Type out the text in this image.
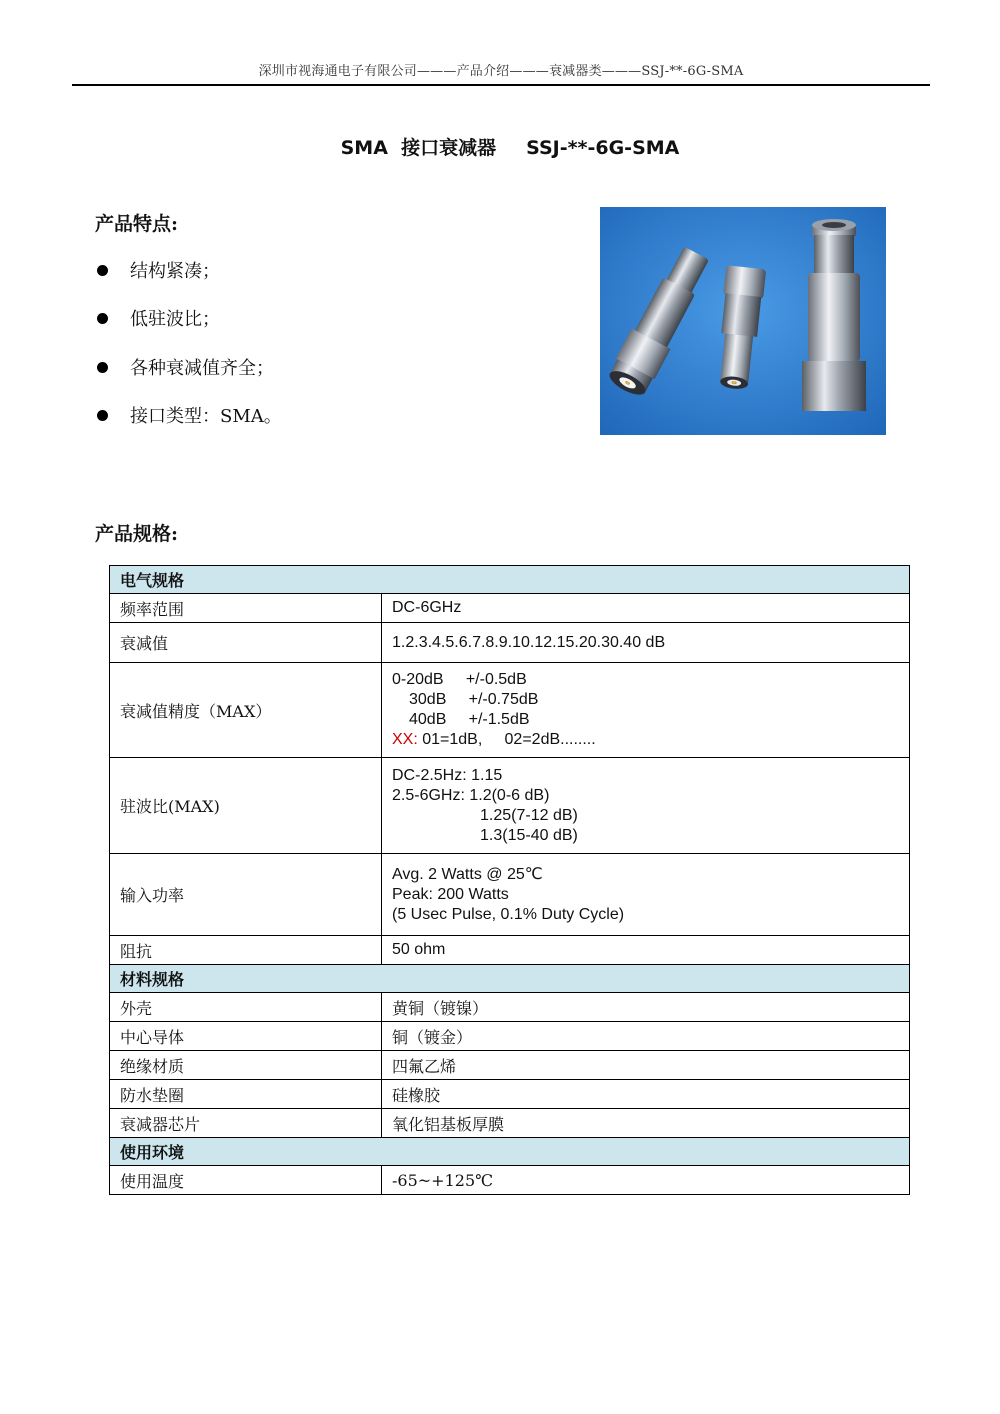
深圳市视海通电子有限公司———产品介绍———衰减器类———SSJ-**-6G-SMA
SMA  接口衰减器 SSJ-**-6G-SMA
产品特点:
结构紧凑；
低驻波比；
各种衰减值齐全；
接口类型：SMA。
产品规格:
电气规格	
频率范围	DC-6GHz
衰减值	1.2.3.4.5.6.7.8.9.10.12.15.20.30.40 dB
衰减值精度（MAX）	0-20dB     +/-0.5dB
30dB     +/-0.75dB
40dB     +/-1.5dB
XX: 01=1dB,     02=2dB........

驻波比(MAX)	DC-2.5Hz: 1.15
2.5-6GHz: 1.2(0-6 dB)
1.25(7-12 dB)
1.3(15-40 dB)

输入功率	Avg. 2 Watts @ 25℃
Peak: 200 Watts
(5 Usec Pulse, 0.1% Duty Cycle)

阻抗	50 ohm
材料规格	
外壳	黄铜（镀镍）
中心导体	铜（镀金）
绝缘材质	四氟乙烯
防水垫圈	硅橡胶
衰减器芯片	氧化铝基板厚膜
使用环境	
使用温度	-65~+125℃
